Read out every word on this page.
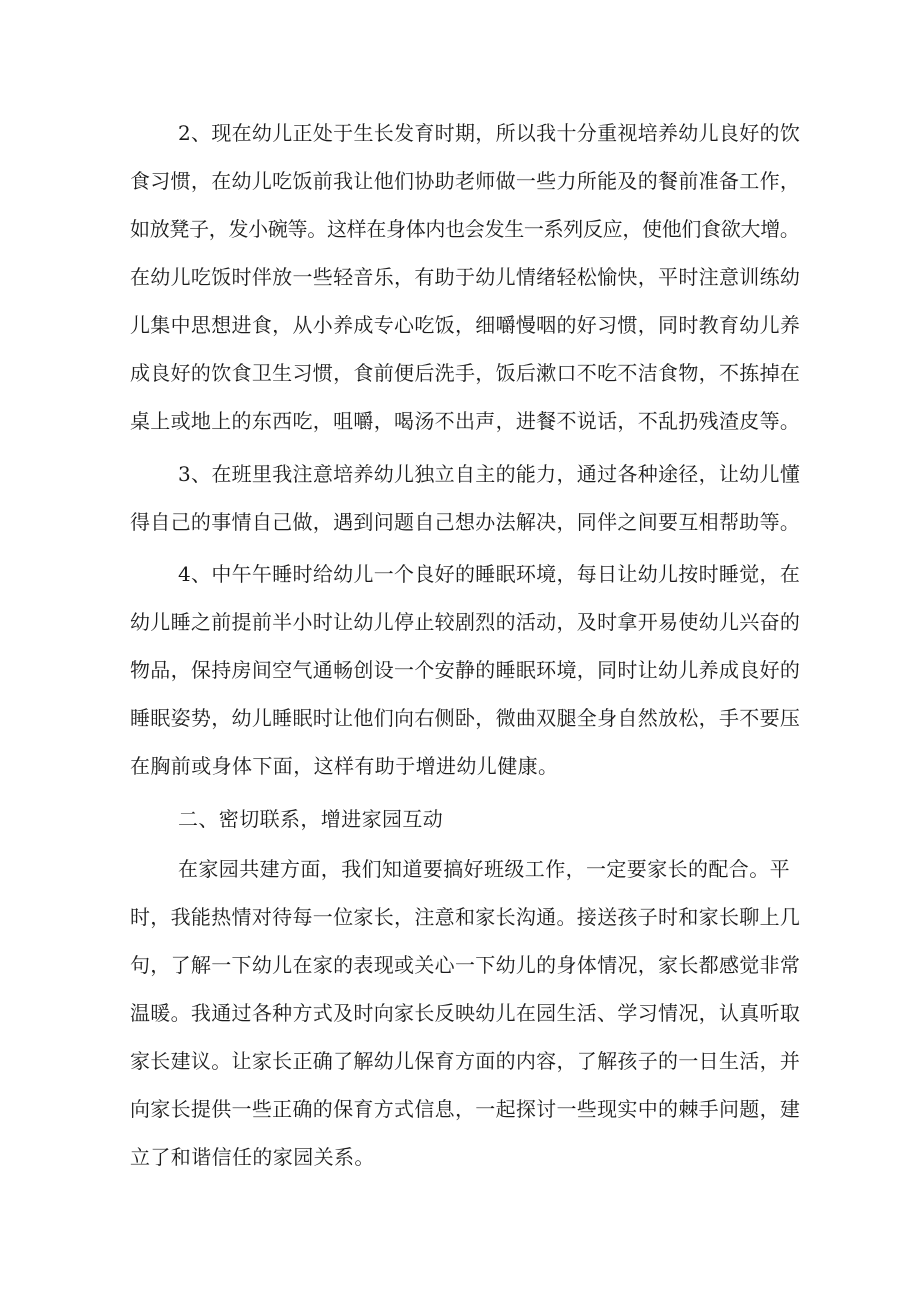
2、现在幼儿正处于生长发育时期，所以我十分重视培养幼儿良好的饮
食习惯，在幼儿吃饭前我让他们协助老师做一些力所能及的餐前准备工作，
如放凳子，发小碗等。这样在身体内也会发生一系列反应，使他们食欲大增。
在幼儿吃饭时伴放一些轻音乐，有助于幼儿情绪轻松愉快，平时注意训练幼
儿集中思想进食，从小养成专心吃饭，细嚼慢咽的好习惯，同时教育幼儿养
成良好的饮食卫生习惯，食前便后洗手，饭后漱口不吃不洁食物，不拣掉在
桌上或地上的东西吃，咀嚼，喝汤不出声，进餐不说话，不乱扔残渣皮等。
3、在班里我注意培养幼儿独立自主的能力，通过各种途径，让幼儿懂
得自己的事情自己做，遇到问题自己想办法解决，同伴之间要互相帮助等。
4、中午午睡时给幼儿一个良好的睡眠环境，每日让幼儿按时睡觉，在
幼儿睡之前提前半小时让幼儿停止较剧烈的活动，及时拿开易使幼儿兴奋的
物品，保持房间空气通畅创设一个安静的睡眠环境，同时让幼儿养成良好的
睡眠姿势，幼儿睡眠时让他们向右侧卧，微曲双腿全身自然放松，手不要压
在胸前或身体下面，这样有助于增进幼儿健康。
二、密切联系，增进家园互动
在家园共建方面，我们知道要搞好班级工作，一定要家长的配合。平
时，我能热情对待每一位家长，注意和家长沟通。接送孩子时和家长聊上几
句，了解一下幼儿在家的表现或关心一下幼儿的身体情况，家长都感觉非常
温暖。我通过各种方式及时向家长反映幼儿在园生活、学习情况，认真听取
家长建议。让家长正确了解幼儿保育方面的内容，了解孩子的一日生活，并
向家长提供一些正确的保育方式信息，一起探讨一些现实中的棘手问题，建
立了和谐信任的家园关系。
